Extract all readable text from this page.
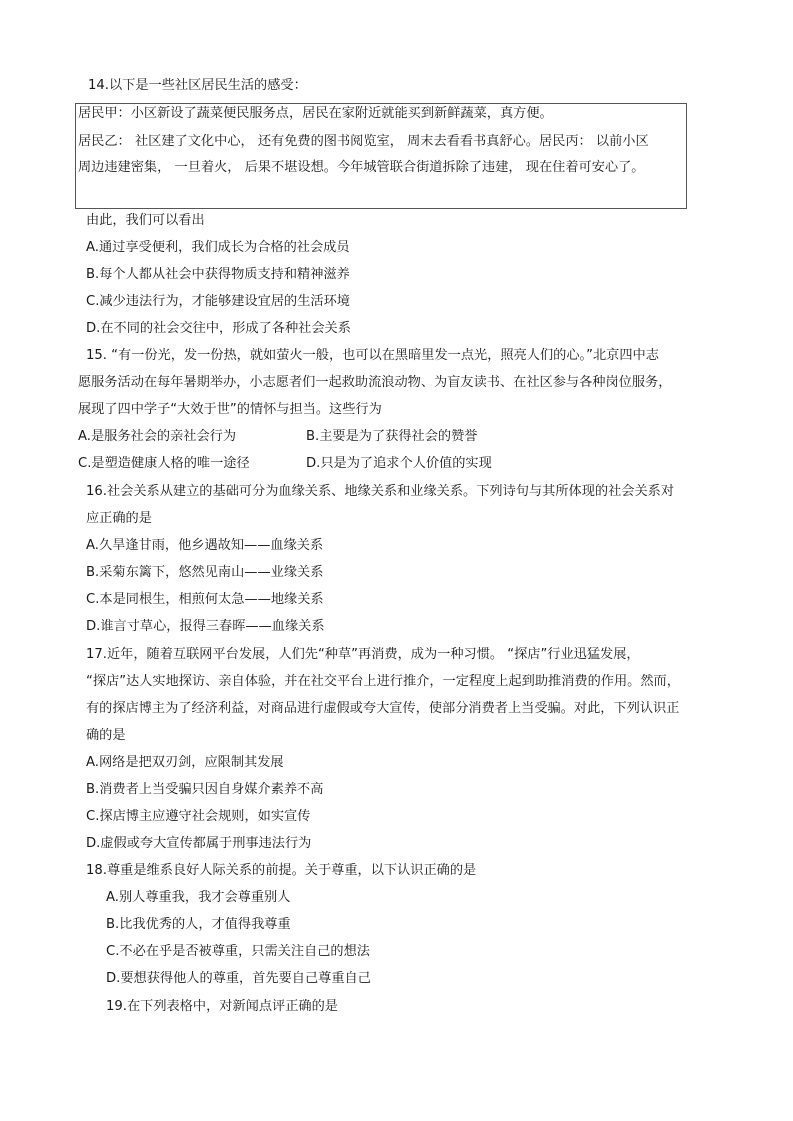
14.以下是一些社区居民生活的感受：
居民甲：小区新设了蔬菜便民服务点，居民在家附近就能买到新鲜蔬菜，真方便。
居民乙： 社区建了文化中心， 还有免费的图书阅览室， 周末去看看书真舒心。居民丙： 以前小区
周边违建密集， 一旦着火， 后果不堪设想。今年城管联合街道拆除了违建， 现在住着可安心了。
由此，我们可以看出
A.通过享受便利，我们成长为合格的社会成员
B.每个人都从社会中获得物质支持和精神滋养
C.减少违法行为，才能够建设宜居的生活环境
D.在不同的社会交往中，形成了各种社会关系
15. “有一份光，发一份热，就如萤火一般，也可以在黑暗里发一点光，照亮人们的心。”北京四中志
愿服务活动在每年暑期举办，小志愿者们一起救助流浪动物、为盲友读书、在社区参与各种岗位服务，
展现了四中学子“大效于世”的情怀与担当。这些行为
A.是服务社会的亲社会行为	B.主要是为了获得社会的赞誉
C.是塑造健康人格的唯一途径	D.只是为了追求个人价值的实现
16.社会关系从建立的基础可分为血缘关系、地缘关系和业缘关系。下列诗句与其所体现的社会关系对
应正确的是
A.久旱逢甘雨，他乡遇故知——血缘关系
B.采菊东篱下，悠然见南山——业缘关系
C.本是同根生，相煎何太急——地缘关系
D.谁言寸草心，报得三春晖——血缘关系
17.近年，随着互联网平台发展，人们先“种草”再消费，成为一种习惯。 “探店”行业迅猛发展，
“探店”达人实地探访、亲自体验，并在社交平台上进行推介，一定程度上起到助推消费的作用。然而，
有的探店博主为了经济利益，对商品进行虚假或夸大宣传，使部分消费者上当受骗。对此，下列认识正
确的是
A.网络是把双刃剑，应限制其发展
B.消费者上当受骗只因自身媒介素养不高
C.探店博主应遵守社会规则，如实宣传
D.虚假或夸大宣传都属于刑事违法行为
18.尊重是维系良好人际关系的前提。关于尊重，以下认识正确的是
A.别人尊重我，我才会尊重别人
B.比我优秀的人，才值得我尊重
C.不必在乎是否被尊重，只需关注自己的想法
D.要想获得他人的尊重，首先要自己尊重自己
19.在下列表格中，对新闻点评正确的是
